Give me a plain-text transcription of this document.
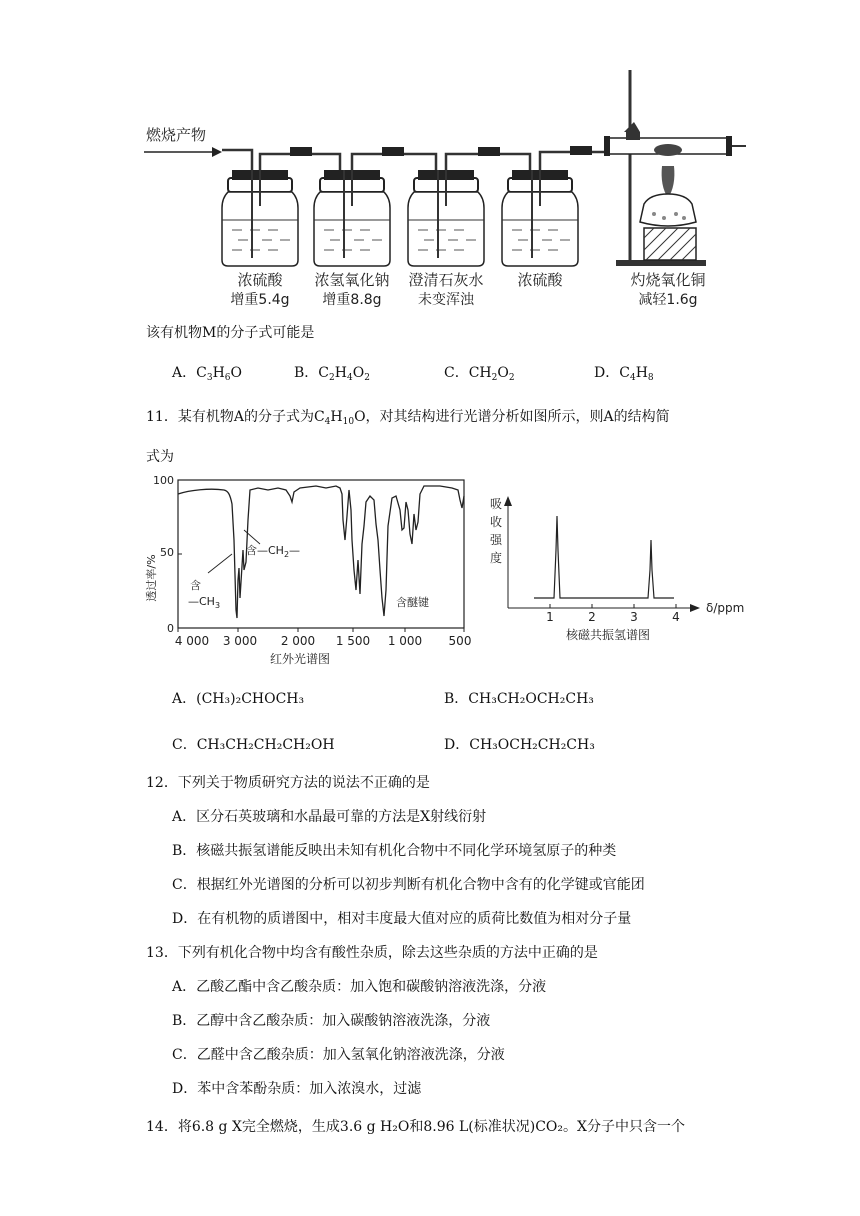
燃烧产物
浓硫酸
增重5.4g
浓氢氧化钠
增重8.8g
澄清石灰水
未变浑浊
浓硫酸	灼烧氧化铜
减轻1.6g
该有机物M的分子式可能是
A．$C_3H_6O$	B．$C_2H_4O_2$	C．$CH_2O_2$	D．$C_4H_8$
11．某有机物A的分子式为$C_4H_{10}O$，对其结构进行光谱分析如图所示，则A的结构简
式为
透过率/%
100
50
0
4 000 3 000 2 000 1 500 1 000 500
红外光谱图
含
$—CH_3$
含$—CH_2—$
含醚键
吸
收
强
度
1	2	3	4
δ/ppm
核磁共振氢谱图
A．(CH₃)₂CHOCH₃	B．CH₃CH₂OCH₂CH₃
C．CH₃CH₂CH₂CH₂OH	D．CH₃OCH₂CH₂CH₃
12．下列关于物质研究方法的说法不正确的是
A．区分石英玻璃和水晶最可靠的方法是X射线衍射
B．核磁共振氢谱能反映出未知有机化合物中不同化学环境氢原子的种类
C．根据红外光谱图的分析可以初步判断有机化合物中含有的化学键或官能团
D．在有机物的质谱图中，相对丰度最大值对应的质荷比数值为相对分子量
13．下列有机化合物中均含有酸性杂质，除去这些杂质的方法中正确的是
A．乙酸乙酯中含乙酸杂质：加入饱和碳酸钠溶液洗涤，分液
B．乙醇中含乙酸杂质：加入碳酸钠溶液洗涤，分液
C．乙醛中含乙酸杂质：加入氢氧化钠溶液洗涤，分液
D．苯中含苯酚杂质：加入浓溴水，过滤
14．将6.8 g X完全燃烧，生成3.6 g H₂O和8.96 L(标准状况)CO₂。X分子中只含一个
